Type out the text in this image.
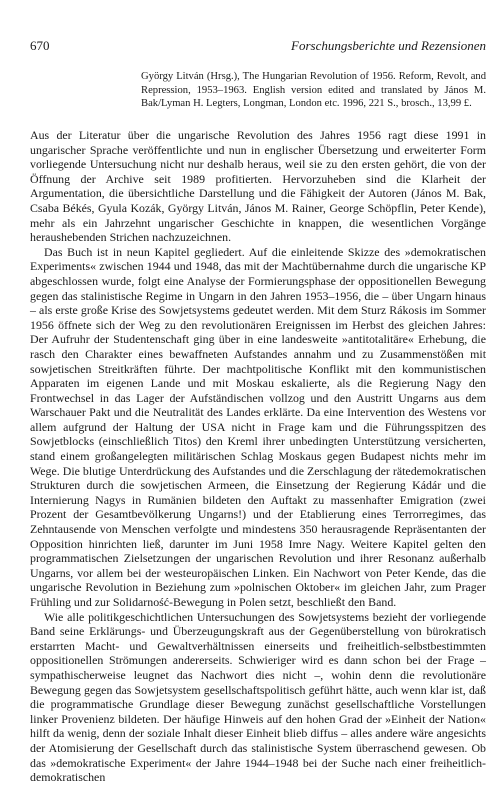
670	Forschungsberichte und Rezensionen
György Litván (Hrsg.), The Hungarian Revolution of 1956. Reform, Revolt, and Repression, 1953–1963. English version edited and translated by János M. Bak/Lyman H. Legters, Longman, London etc. 1996, 221 S., brosch., 13,99 £.

Aus der Literatur über die ungarische Revolution des Jahres 1956 ragt diese 1991 in ungarischer Sprache veröffentlichte und nun in englischer Übersetzung und erweiterter Form vorliegende Untersuchung nicht nur deshalb heraus, weil sie zu den ersten gehört, die von der Öffnung der Archive seit 1989 profitierten. Hervorzuheben sind die Klarheit der Argumentation, die übersichtliche Darstellung und die Fähigkeit der Autoren (János M. Bak, Csaba Békés, Gyula Kozák, György Litván, János M. Rainer, George Schöpflin, Peter Kende), mehr als ein Jahrzehnt ungarischer Geschichte in knappen, die wesentlichen Vorgänge heraushebenden Strichen nachzuzeichnen.

Das Buch ist in neun Kapitel gegliedert. Auf die einleitende Skizze des »demokratischen Experiments« zwischen 1944 und 1948, das mit der Machtübernahme durch die ungarische KP abgeschlossen wurde, folgt eine Analyse der Formierungsphase der oppositionellen Bewegung gegen das stalinistische Regime in Ungarn in den Jahren 1953–1956, die – über Ungarn hinaus – als erste große Krise des Sowjetsystems gedeutet werden. Mit dem Sturz Rákosis im Sommer 1956 öffnete sich der Weg zu den revolutionären Ereignissen im Herbst des gleichen Jahres: Der Aufruhr der Studentenschaft ging über in eine landesweite »antitotalitäre« Erhebung, die rasch den Charakter eines bewaffneten Aufstandes annahm und zu Zusammenstößen mit sowjetischen Streitkräften führte. Der machtpolitische Konflikt mit den kommunistischen Apparaten im eigenen Lande und mit Moskau eskalierte, als die Regierung Nagy den Frontwechsel in das Lager der Aufständischen vollzog und den Austritt Ungarns aus dem Warschauer Pakt und die Neutralität des Landes erklärte. Da eine Intervention des Westens vor allem aufgrund der Haltung der USA nicht in Frage kam und die Führungsspitzen des Sowjetblocks (einschließlich Titos) den Kreml ihrer unbedingten Unterstützung versicherten, stand einem großangelegten militärischen Schlag Moskaus gegen Budapest nichts mehr im Wege. Die blutige Unterdrückung des Aufstandes und die Zerschlagung der rätedemokratischen Strukturen durch die sowjetischen Armeen, die Einsetzung der Regierung Kádár und die Internierung Nagys in Rumänien bildeten den Auftakt zu massenhafter Emigration (zwei Prozent der Gesamtbevölkerung Ungarns!) und der Etablierung eines Terrorregimes, das Zehntausende von Menschen verfolgte und mindestens 350 herausragende Repräsentanten der Opposition hinrichten ließ, darunter im Juni 1958 Imre Nagy. Weitere Kapitel gelten den programmatischen Zielsetzungen der ungarischen Revolution und ihrer Resonanz außerhalb Ungarns, vor allem bei der westeuropäischen Linken. Ein Nachwort von Peter Kende, das die ungarische Revolution in Beziehung zum »polnischen Oktober« im gleichen Jahr, zum Prager Frühling und zur Solidarność-Bewegung in Polen setzt, beschließt den Band.

Wie alle politikgeschichtlichen Untersuchungen des Sowjetsystems bezieht der vorliegende Band seine Erklärungs- und Überzeugungskraft aus der Gegenüberstellung von bürokratisch erstarrten Macht- und Gewaltverhältnissen einerseits und freiheitlich-selbstbestimmten oppositionellen Strömungen andererseits. Schwieriger wird es dann schon bei der Frage – sympathischerweise leugnet das Nachwort dies nicht –, wohin denn die revolutionäre Bewegung gegen das Sowjetsystem gesellschaftspolitisch geführt hätte, auch wenn klar ist, daß die programmatische Grundlage dieser Bewegung zunächst gesellschaftliche Vorstellungen linker Provenienz bildeten. Der häufige Hinweis auf den hohen Grad der »Einheit der Nation« hilft da wenig, denn der soziale Inhalt dieser Einheit blieb diffus – alles andere wäre angesichts der Atomisierung der Gesellschaft durch das stalinistische System überraschend gewesen. Ob das »demokratische Experiment« der Jahre 1944–1948 bei der Suche nach einer freiheitlich-demokratischen
